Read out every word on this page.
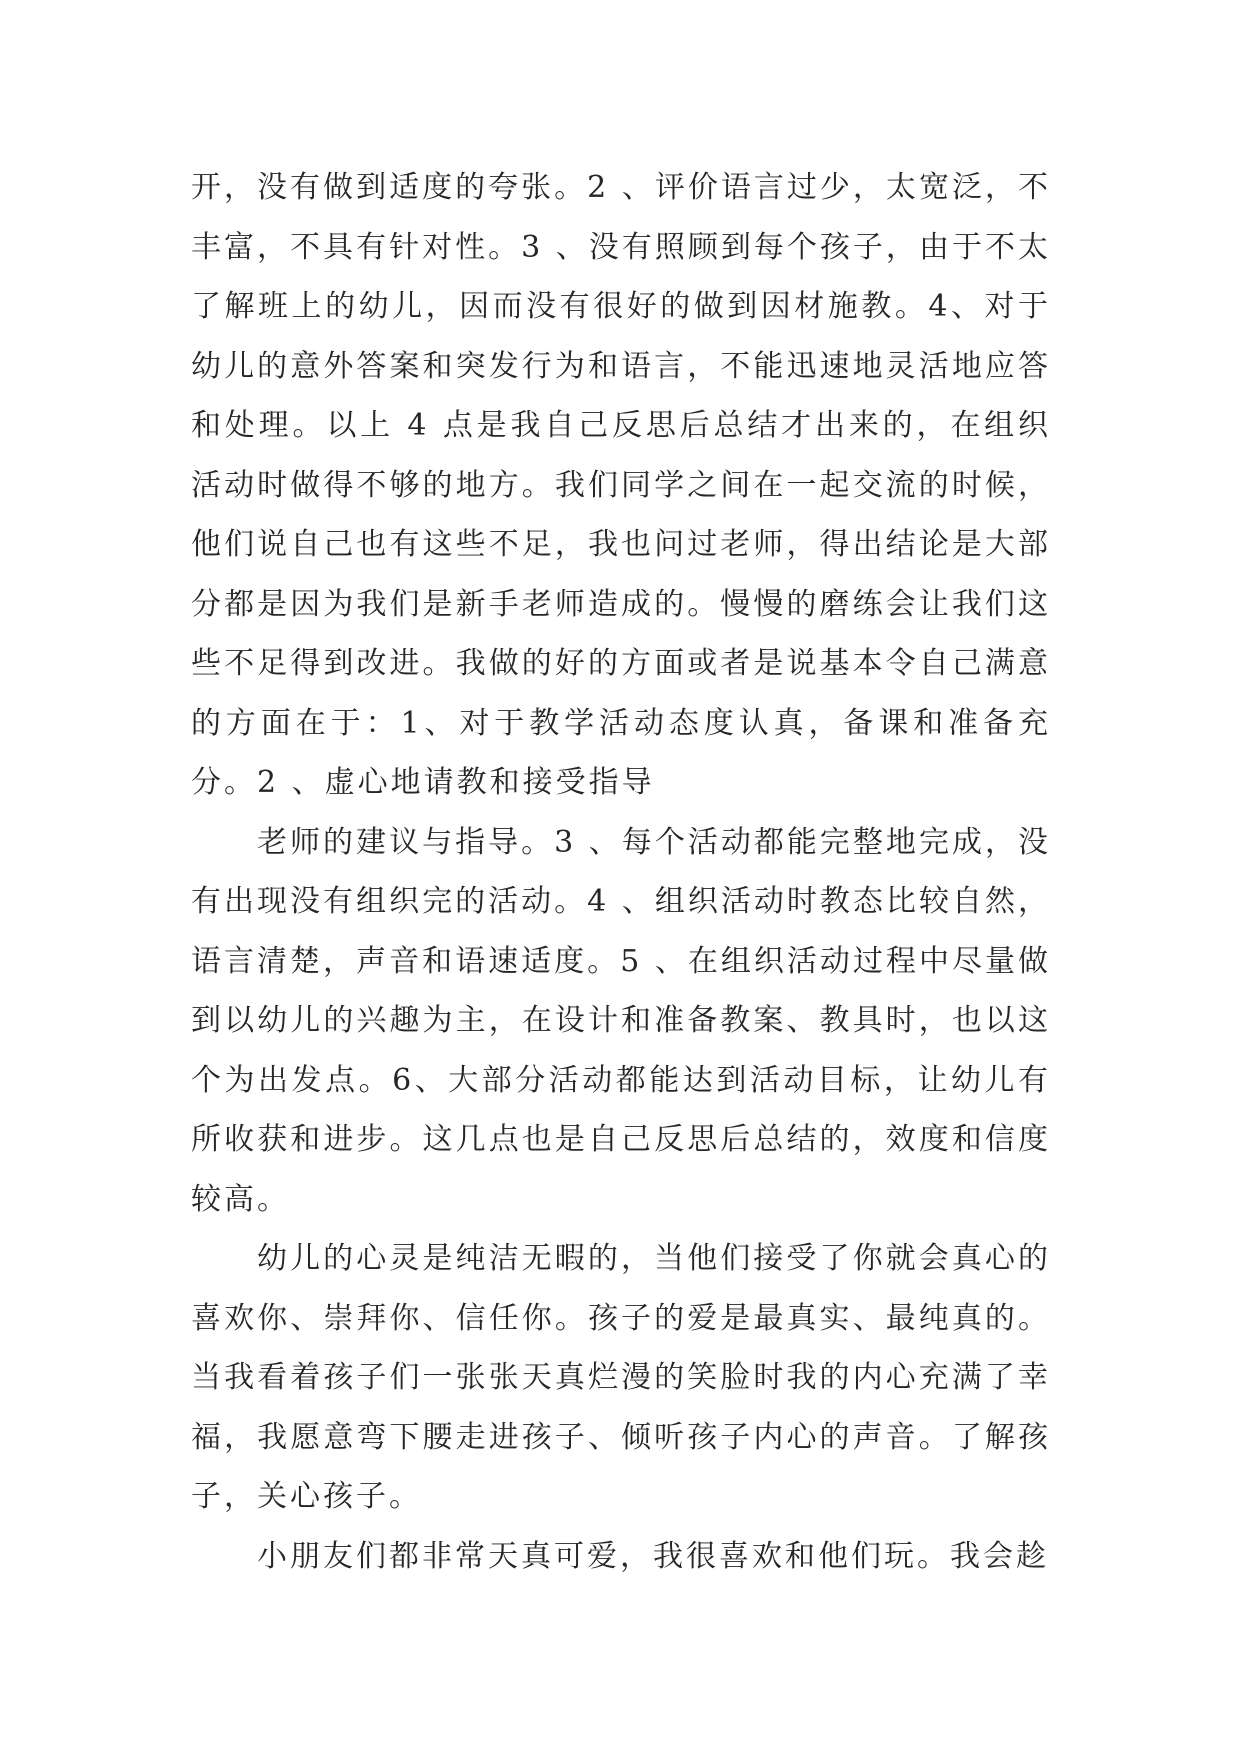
开，没有做到适度的夸张。2 、评价语言过少，太宽泛，不丰富，不具有针对性。3 、没有照顾到每个孩子，由于不太了解班上的幼儿，因而没有很好的做到因材施教。4、对于幼儿的意外答案和突发行为和语言，不能迅速地灵活地应答和处理。以上 4 点是我自己反思后总结才出来的，在组织活动时做得不够的地方。我们同学之间在一起交流的时候，他们说自己也有这些不足，我也问过老师，得出结论是大部分都是因为我们是新手老师造成的。慢慢的磨练会让我们这些不足得到改进。我做的好的方面或者是说基本令自己满意的方面在于：1、对于教学活动态度认真，备课和准备充分。2 、虚心地请教和接受指导

老师的建议与指导。3 、每个活动都能完整地完成，没有出现没有组织完的活动。4 、组织活动时教态比较自然，语言清楚，声音和语速适度。5 、在组织活动过程中尽量做到以幼儿的兴趣为主，在设计和准备教案、教具时，也以这个为出发点。6、大部分活动都能达到活动目标，让幼儿有所收获和进步。这几点也是自己反思后总结的，效度和信度较高。

幼儿的心灵是纯洁无暇的，当他们接受了你就会真心的喜欢你、崇拜你、信任你。孩子的爱是最真实、最纯真的。当我看着孩子们一张张天真烂漫的笑脸时我的内心充满了幸福，我愿意弯下腰走进孩子、倾听孩子内心的声音。了解孩子，关心孩子。

小朋友们都非常天真可爱，我很喜欢和他们玩。我会趁
